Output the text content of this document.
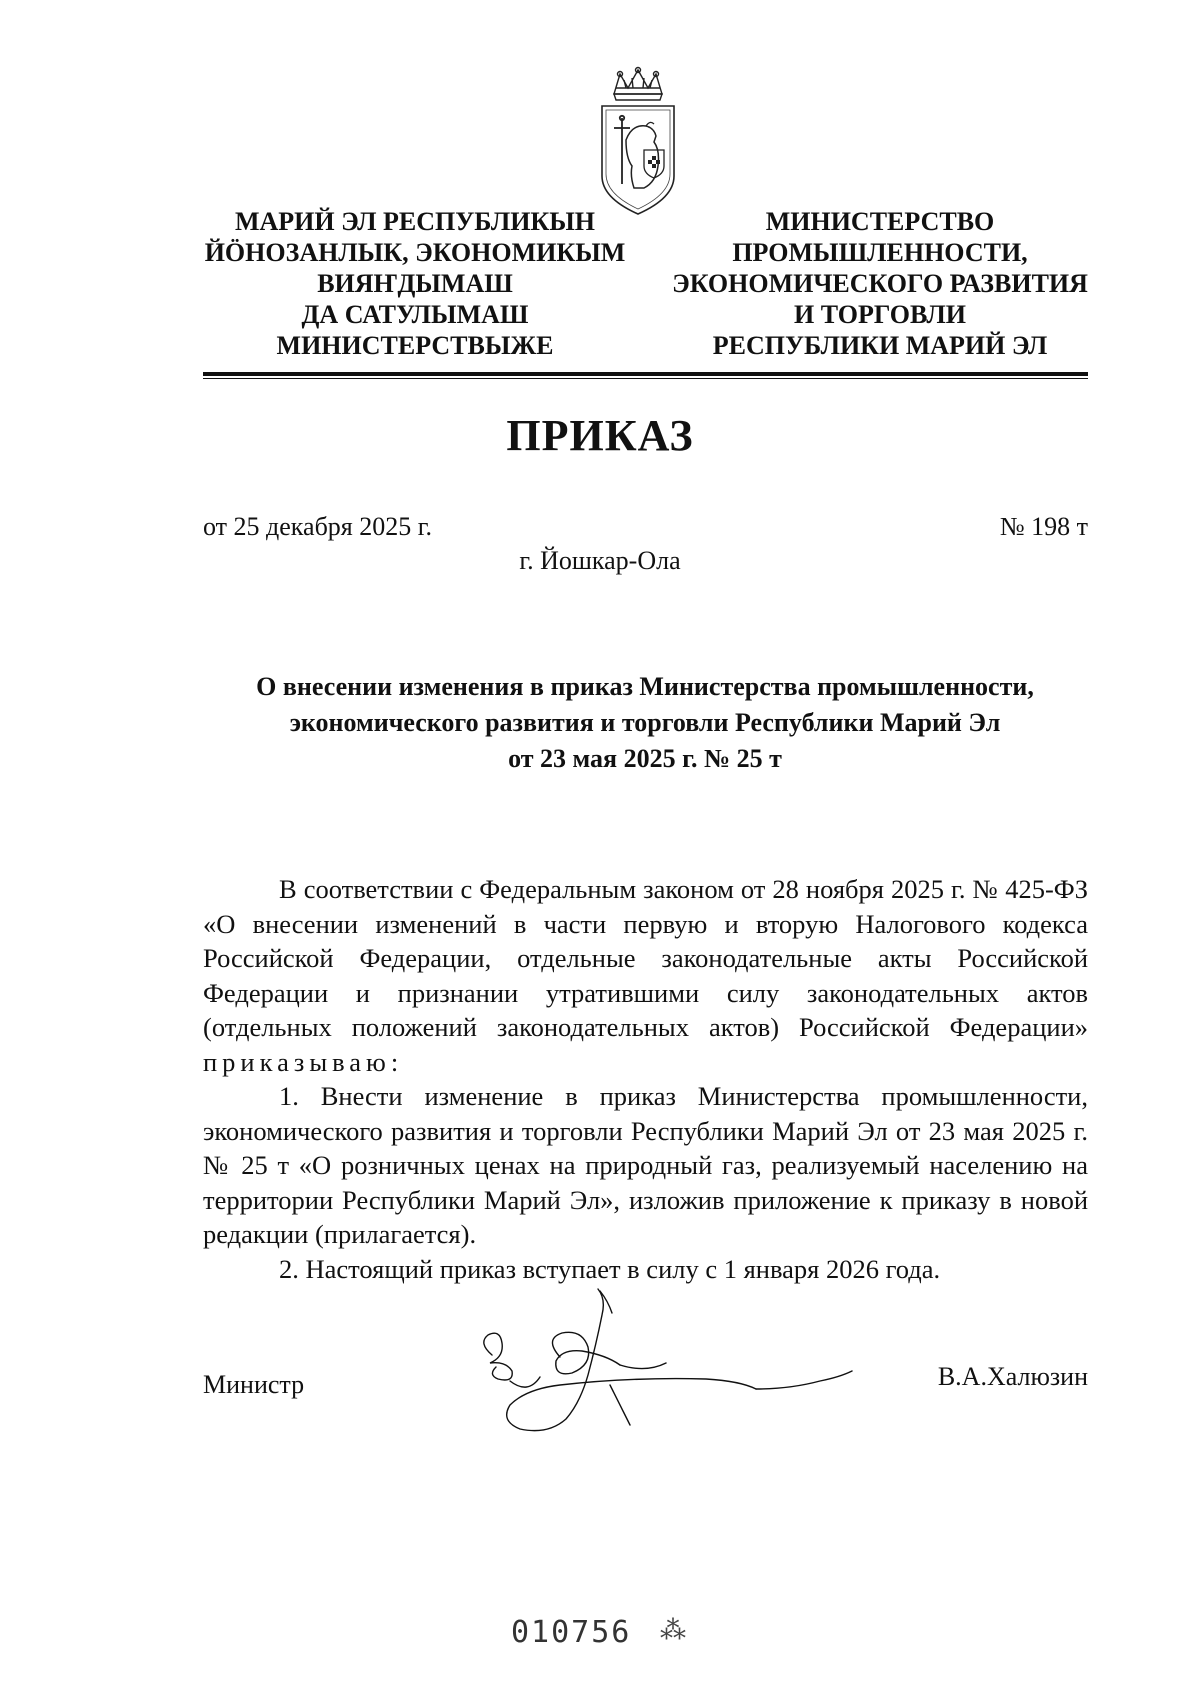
МАРИЙ ЭЛ РЕСПУБЛИКЫН
ЙӦНОЗАНЛЫК, ЭКОНОМИКЫМ
ВИЯҤДЫМАШ
ДА САТУЛЫМАШ
МИНИСТЕРСТВЫЖЕ
МИНИСТЕРСТВО
ПРОМЫШЛЕННОСТИ,
ЭКОНОМИЧЕСКОГО РАЗВИТИЯ
И ТОРГОВЛИ
РЕСПУБЛИКИ МАРИЙ ЭЛ
ПРИКАЗ
от 25 декабря 2025 г.	№ 198 т
г. Йошкар-Ола
О внесении изменения в приказ Министерства промышленности,
экономического развития и торговли Республики Марий Эл
от 23 мая 2025 г. № 25 т

В соответствии с Федеральным законом от 28 ноября 2025 г. № 425-ФЗ «О внесении изменений в части первую и вторую Налогового кодекса Российской Федерации, отдельные законодательные акты Российской Федерации и признании утратившими силу законодательных актов (отдельных положений законодательных актов) Российской Федерации» приказываю:

1. Внести изменение в приказ Министерства промышленности, экономического развития и торговли Республики Марий Эл от 23 мая 2025 г. № 25 т «О розничных ценах на природный газ, реализуемый населению на территории Республики Марий Эл», изложив приложение к приказу в новой редакции (прилагается).

2. Настоящий приказ вступает в силу с 1 января 2026 года.

Министр	В.А.Халюзин
010756 ⁂
